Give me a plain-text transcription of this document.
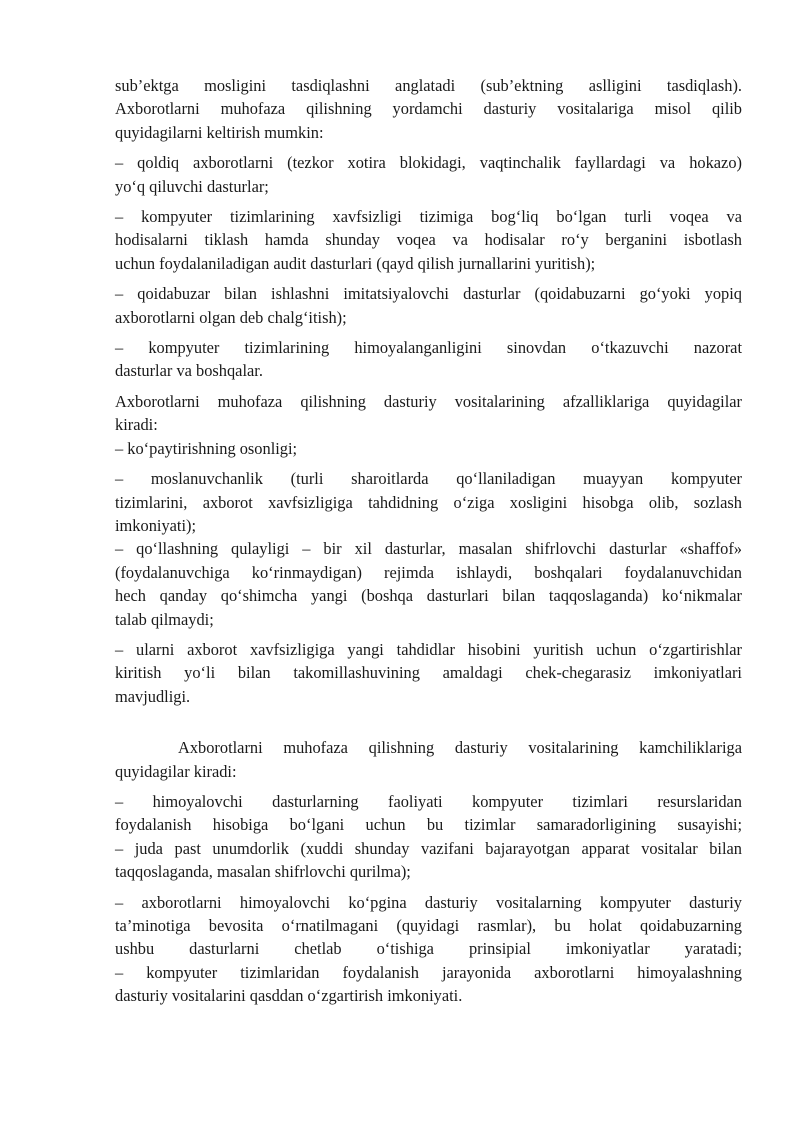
sub’ektga mosligini tasdiqlashni anglatadi (sub’ektning aslligini tasdiqlash).
Axborotlarni muhofaza qilishning yordamchi dasturiy vositalariga misol qilib
quyidagilarni keltirish mumkin:
– qoldiq axborotlarni (tezkor xotira blokidagi, vaqtinchalik fayllardagi va hokazo)
yo‘q qiluvchi dasturlar;
– kompyuter tizimlarining xavfsizligi tizimiga bog‘liq bo‘lgan turli voqea va
hodisalarni tiklash hamda shunday voqea va hodisalar ro‘y berganini isbotlash
uchun foydalaniladigan audit dasturlari (qayd qilish jurnallarini yuritish);
– qoidabuzar bilan ishlashni imitatsiyalovchi dasturlar (qoidabuzarni go‘yoki yopiq
axborotlarni olgan deb chalg‘itish);
– kompyuter tizimlarining himoyalanganligini sinovdan o‘tkazuvchi nazorat
dasturlar va boshqalar.
Axborotlarni muhofaza qilishning dasturiy vositalarining afzalliklariga quyidagilar
kiradi:
– ko‘paytirishning osonligi;
– moslanuvchanlik (turli sharoitlarda qo‘llaniladigan muayyan kompyuter
tizimlarini, axborot xavfsizligiga tahdidning o‘ziga xosligini hisobga olib, sozlash
imkoniyati);
– qo‘llashning qulayligi – bir xil dasturlar, masalan shifrlovchi dasturlar «shaffof»
(foydalanuvchiga ko‘rinmaydigan) rejimda ishlaydi, boshqalari foydalanuvchidan
hech qanday qo‘shimcha yangi (boshqa dasturlari bilan taqqoslaganda) ko‘nikmalar
talab qilmaydi;
– ularni axborot xavfsizligiga yangi tahdidlar hisobini yuritish uchun o‘zgartirishlar
kiritish yo‘li bilan takomillashuvining amaldagi chek-chegarasiz imkoniyatlari
mavjudligi.
Axborotlarni muhofaza qilishning dasturiy vositalarining kamchiliklariga
quyidagilar kiradi:
– himoyalovchi dasturlarning faoliyati kompyuter tizimlari resurslaridan
foydalanish hisobiga bo‘lgani uchun bu tizimlar samaradorligining susayishi;
– juda past unumdorlik (xuddi shunday vazifani bajarayotgan apparat vositalar bilan
taqqoslaganda, masalan shifrlovchi qurilma);
– axborotlarni himoyalovchi ko‘pgina dasturiy vositalarning kompyuter dasturiy
ta’minotiga bevosita o‘rnatilmagani (quyidagi rasmlar), bu holat qoidabuzarning
ushbu dasturlarni chetlab o‘tishiga prinsipial imkoniyatlar yaratadi;
– kompyuter tizimlaridan foydalanish jarayonida axborotlarni himoyalashning
dasturiy vositalarini qasddan o‘zgartirish imkoniyati.
